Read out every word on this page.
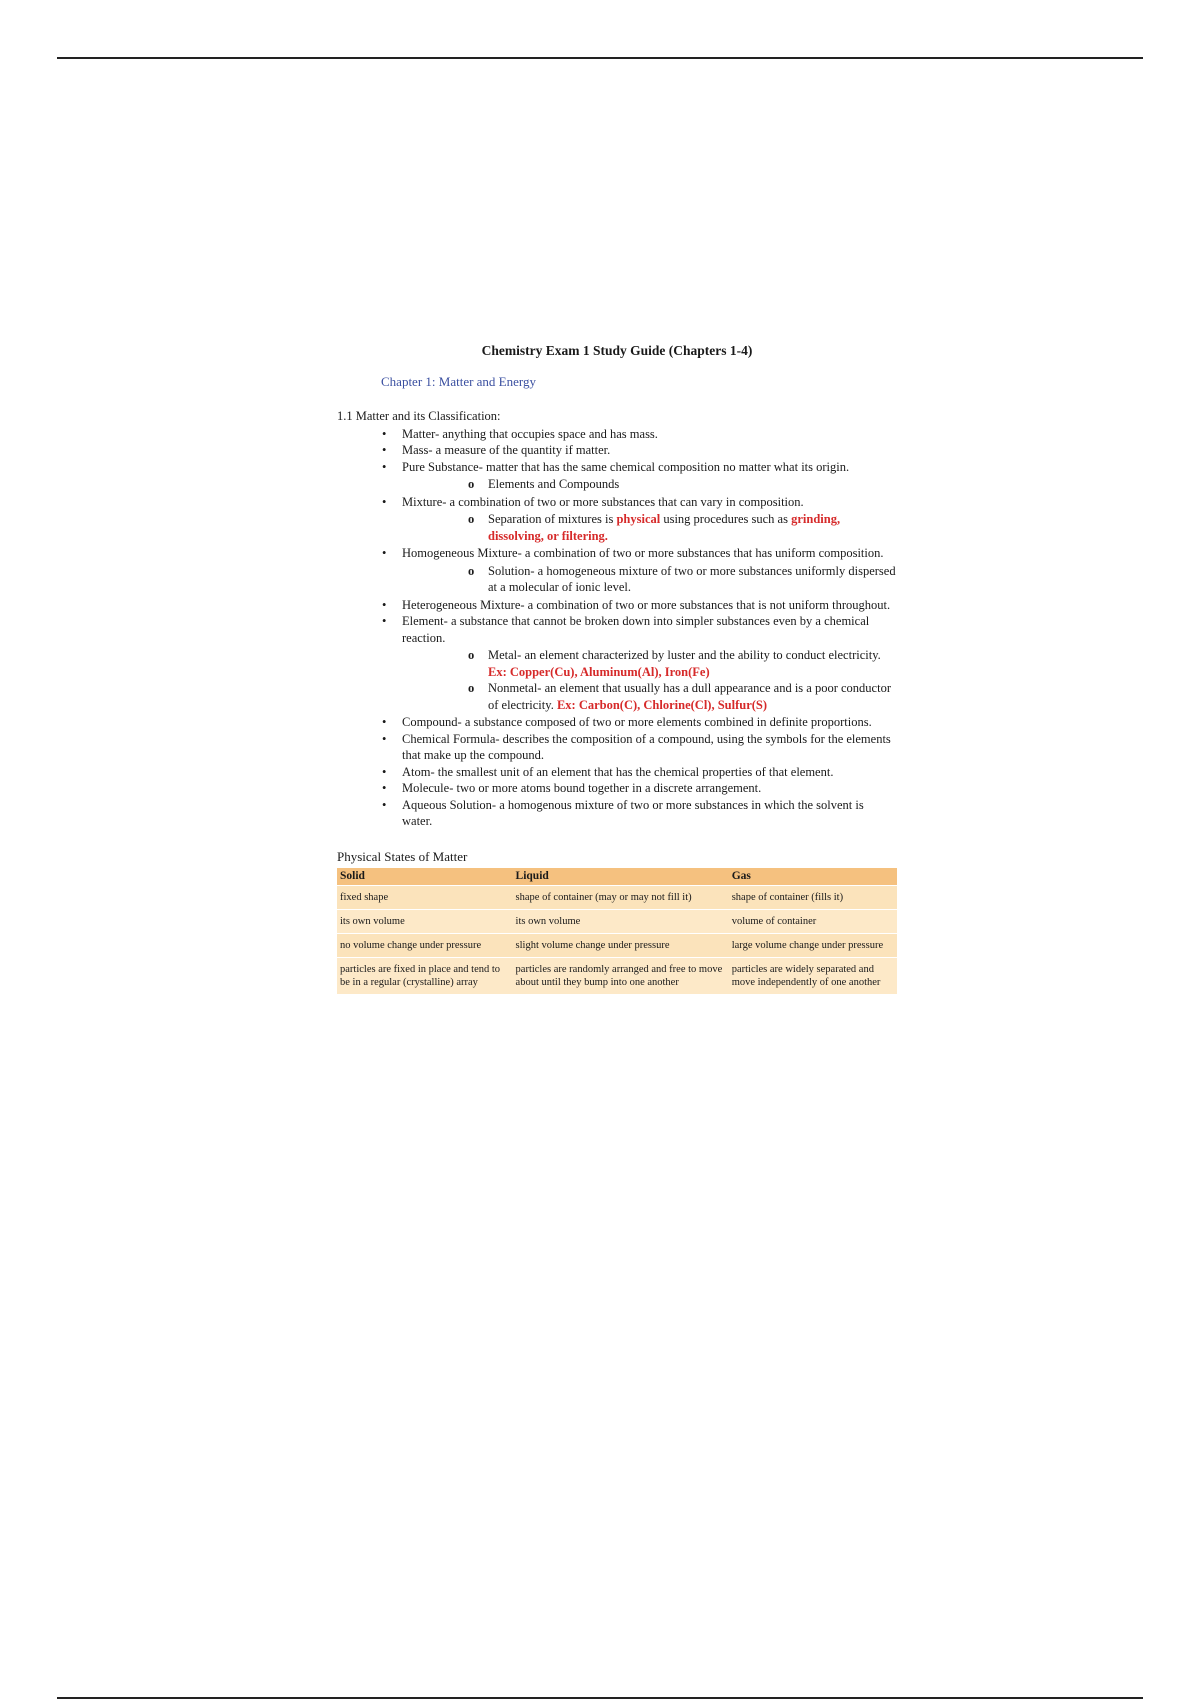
Chemistry Exam 1 Study Guide (Chapters 1-4)
Chapter 1: Matter and Energy
1.1 Matter and its Classification:
• Matter- anything that occupies space and has mass.
• Mass- a measure of the quantity if matter.
• Pure Substance- matter that has the same chemical composition no matter what its origin.
o Elements and Compounds
• Mixture- a combination of two or more substances that can vary in composition.
o Separation of mixtures is physical using procedures such as grinding, dissolving, or filtering.
• Homogeneous Mixture- a combination of two or more substances that has uniform composition.
o Solution- a homogeneous mixture of two or more substances uniformly dispersed at a molecular of ionic level.
• Heterogeneous Mixture- a combination of two or more substances that is not uniform throughout.
• Element- a substance that cannot be broken down into simpler substances even by a chemical reaction.
o Metal- an element characterized by luster and the ability to conduct electricity. Ex: Copper(Cu), Aluminum(Al), Iron(Fe)
o Nonmetal- an element that usually has a dull appearance and is a poor conductor of electricity. Ex: Carbon(C), Chlorine(Cl), Sulfur(S)
• Compound- a substance composed of two or more elements combined in definite proportions.
• Chemical Formula- describes the composition of a compound, using the symbols for the elements that make up the compound.
• Atom- the smallest unit of an element that has the chemical properties of that element.
• Molecule- two or more atoms bound together in a discrete arrangement.
• Aqueous Solution- a homogenous mixture of two or more substances in which the solvent is water.
Physical States of Matter
Solid	Liquid	Gas
fixed shape	shape of container (may or may not fill it)	shape of container (fills it)
its own volume	its own volume	volume of container
no volume change under pressure	slight volume change under pressure	large volume change under pressure
particles are fixed in place and tend to be in a regular (crystalline) array	particles are randomly arranged and free to move about until they bump into one another	particles are widely separated and move independently of one another
